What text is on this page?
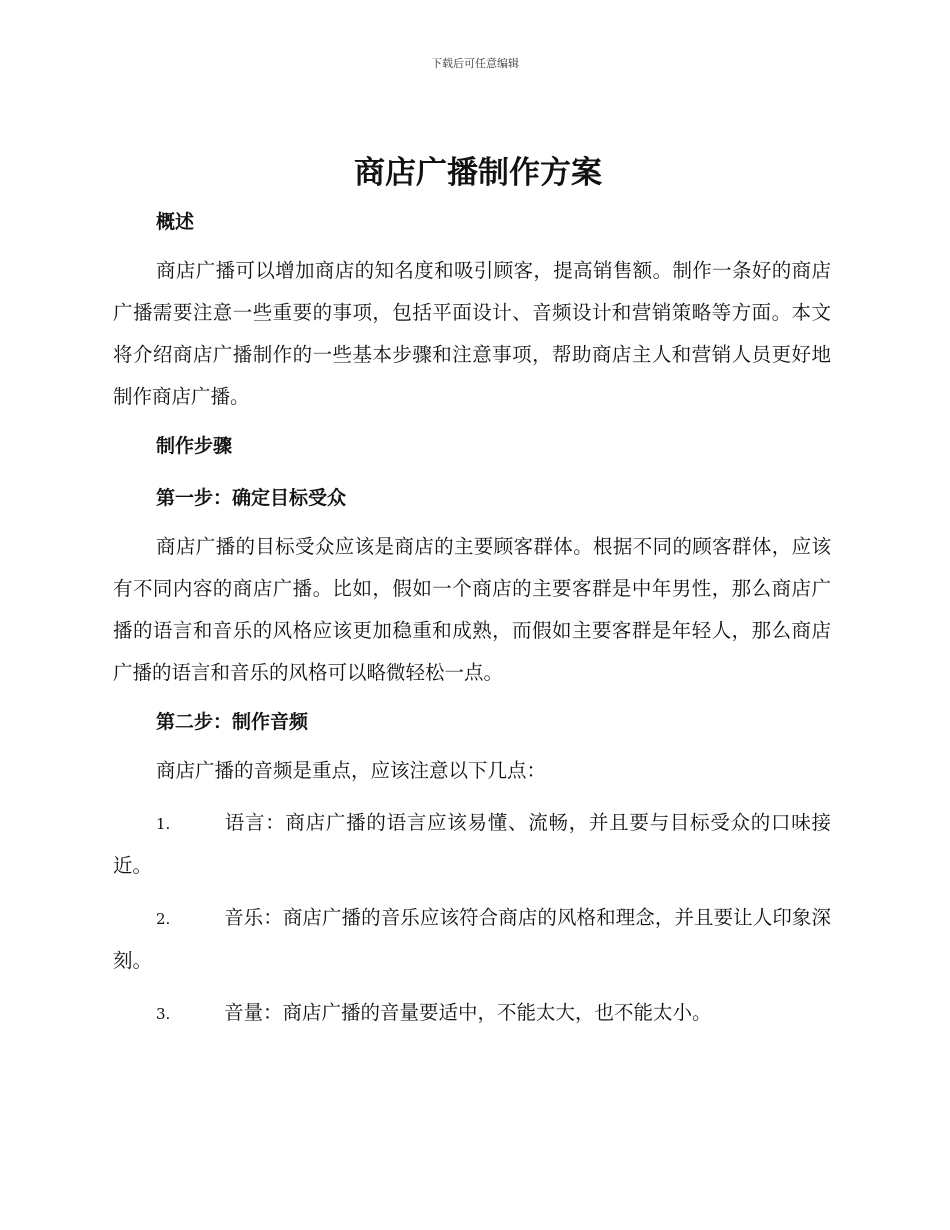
下载后可任意编辑
商店广播制作方案
概述

商店广播可以增加商店的知名度和吸引顾客，提高销售额。制作一条好的商店广播需要注意一些重要的事项，包括平面设计、音频设计和营销策略等方面。本文将介绍商店广播制作的一些基本步骤和注意事项，帮助商店主人和营销人员更好地制作商店广播。

制作步骤
第一步：确定目标受众

商店广播的目标受众应该是商店的主要顾客群体。根据不同的顾客群体，应该有不同内容的商店广播。比如，假如一个商店的主要客群是中年男性，那么商店广播的语言和音乐的风格应该更加稳重和成熟，而假如主要客群是年轻人，那么商店广播的语言和音乐的风格可以略微轻松一点。

第二步：制作音频

商店广播的音频是重点，应该注意以下几点：

1.	语言：商店广播的语言应该易懂、流畅，并且要与目标受众的口味接近。

2.	音乐：商店广播的音乐应该符合商店的风格和理念，并且要让人印象深刻。

3.	音量：商店广播的音量要适中，不能太大，也不能太小。
